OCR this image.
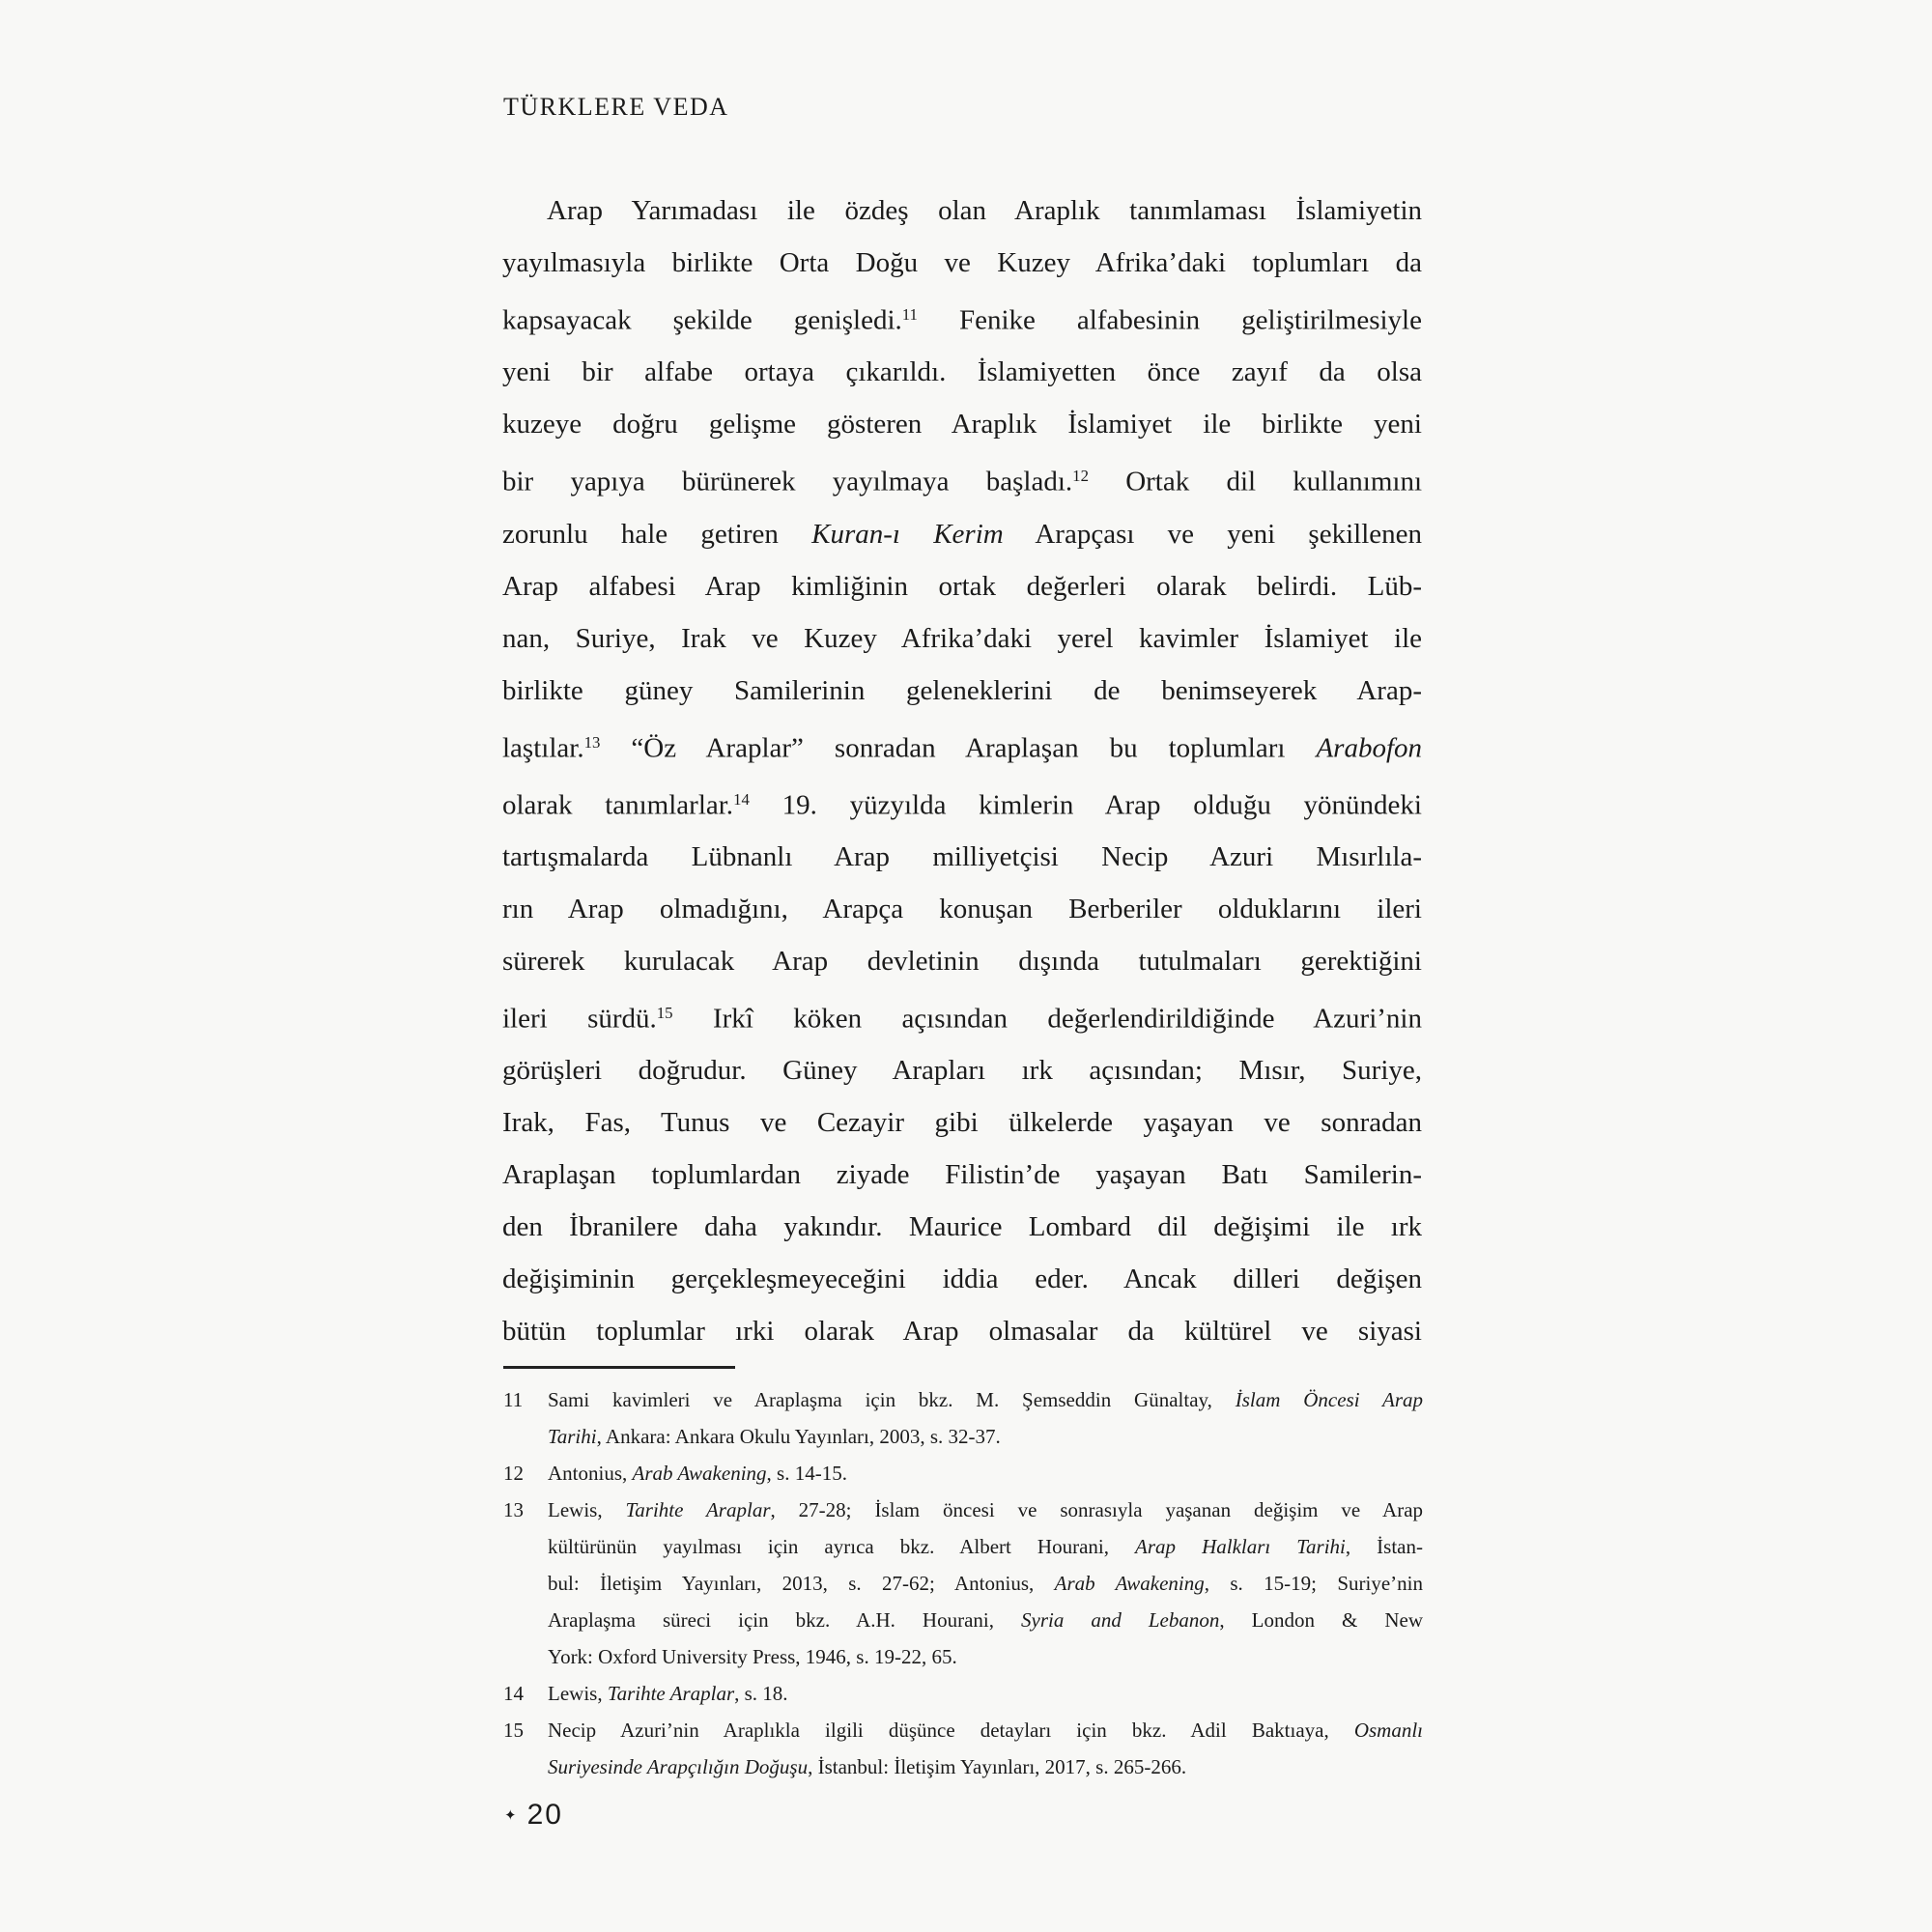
TÜRKLERE VEDA
Arap Yarımadası ile özdeş olan Araplık tanımlaması İslamiyetin
yayılmasıyla birlikte Orta Doğu ve Kuzey Afrika’daki toplumları da
kapsayacak şekilde genişledi.$^{11}$ Fenike alfabesinin geliştirilmesiyle
yeni bir alfabe ortaya çıkarıldı. İslamiyetten önce zayıf da olsa
kuzeye doğru gelişme gösteren Araplık İslamiyet ile birlikte yeni
bir yapıya bürünerek yayılmaya başladı.$^{12}$ Ortak dil kullanımını
zorunlu hale getiren Kuran-ı Kerim Arapçası ve yeni şekillenen
Arap alfabesi Arap kimliğinin ortak değerleri olarak belirdi. Lüb-
nan, Suriye, Irak ve Kuzey Afrika’daki yerel kavimler İslamiyet ile
birlikte güney Samilerinin geleneklerini de benimseyerek Arap-
laştılar.$^{13}$ “Öz Araplar” sonradan Araplaşan bu toplumları Arabofon
olarak tanımlarlar.$^{14}$ 19. yüzyılda kimlerin Arap olduğu yönündeki
tartışmalarda Lübnanlı Arap milliyetçisi Necip Azuri Mısırlıla-
rın Arap olmadığını, Arapça konuşan Berberiler olduklarını ileri
sürerek kurulacak Arap devletinin dışında tutulmaları gerektiğini
ileri sürdü.$^{15}$ Irkî köken açısından değerlendirildiğinde Azuri’nin
görüşleri doğrudur. Güney Arapları ırk açısından; Mısır, Suriye,
Irak, Fas, Tunus ve Cezayir gibi ülkelerde yaşayan ve sonradan
Araplaşan toplumlardan ziyade Filistin’de yaşayan Batı Samilerin-
den İbranilere daha yakındır. Maurice Lombard dil değişimi ile ırk
değişiminin gerçekleşmeyeceğini iddia eder. Ancak dilleri değişen
bütün toplumlar ırki olarak Arap olmasalar da kültürel ve siyasi
11	Sami kavimleri ve Araplaşma için bkz. M. Şemseddin Günaltay, İslam Öncesi Arap
Tarihi, Ankara: Ankara Okulu Yayınları, 2003, s. 32-37.
12	Antonius, Arab Awakening, s. 14-15.
13	Lewis, Tarihte Araplar, 27-28; İslam öncesi ve sonrasıyla yaşanan değişim ve Arap
kültürünün yayılması için ayrıca bkz. Albert Hourani, Arap Halkları Tarihi, İstan-
bul: İletişim Yayınları, 2013, s. 27-62; Antonius, Arab Awakening, s. 15-19; Suriye’nin
Araplaşma süreci için bkz. A.H. Hourani, Syria and Lebanon, London & New
York: Oxford University Press, 1946, s. 19-22, 65.
14	Lewis, Tarihte Araplar, s. 18.
15	Necip Azuri’nin Araplıkla ilgili düşünce detayları için bkz. Adil Baktıaya, Osmanlı
Suriyesinde Arapçılığın Doğuşu, İstanbul: İletişim Yayınları, 2017, s. 265-266.
✦ 20
